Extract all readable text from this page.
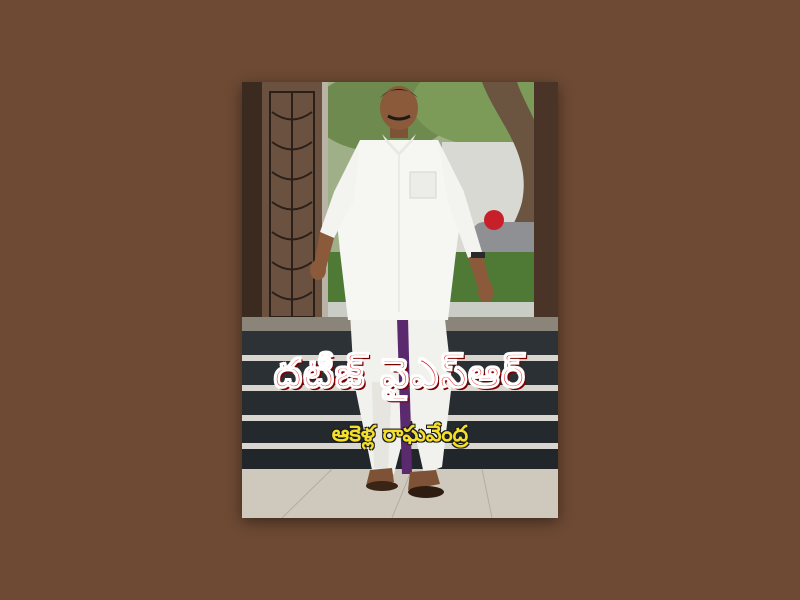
దటీజ్ వైఎస్ఆర్
ఆకెళ్ల రాఘవేంద్ర
